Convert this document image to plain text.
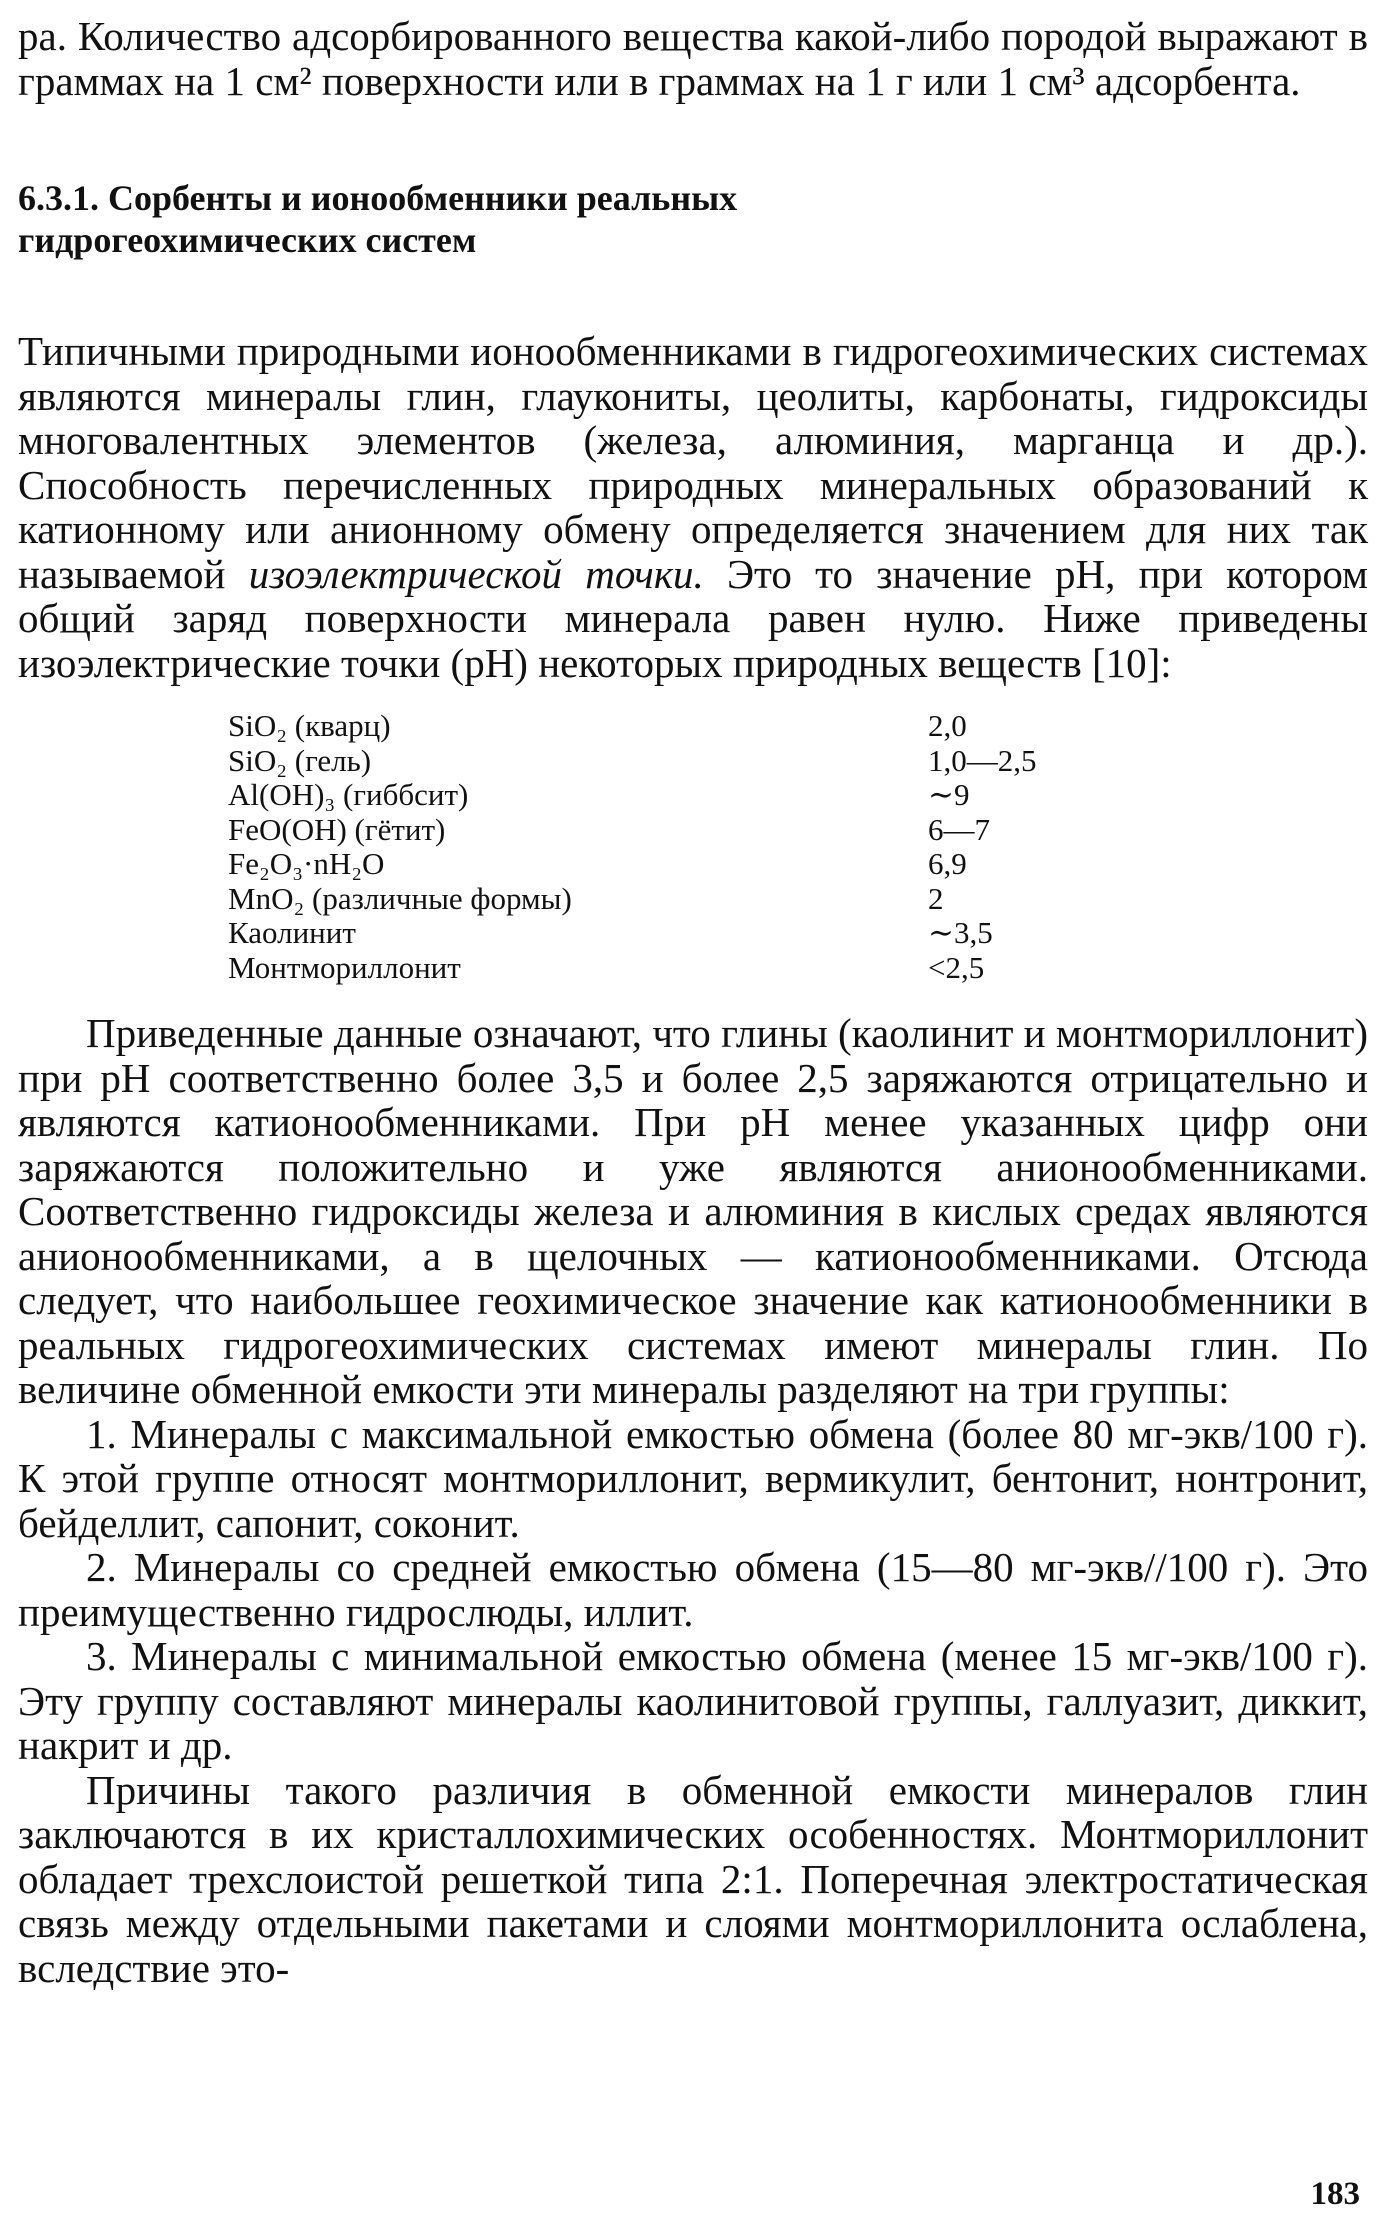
ра. Количество адсорбированного вещества какой-либо породой выражают в граммах на 1 см² поверхности или в граммах на 1 г или 1 см³ адсорбента.

6.3.1. Сорбенты и ионообменники реальных
гидрогеохимических систем

Типичными природными ионообменниками в гидрогеохимических системах являются минералы глин, глаукониты, цеолиты, карбонаты, гидроксиды многовалентных элементов (железа, алюминия, марганца и др.). Способность перечисленных природных минеральных образований к катионному или анионному обмену определяется значением для них так называемой изоэлектрической точки. Это то значение pH, при котором общий заряд поверхности минерала равен нулю. Ниже приведены изоэлектрические точки (pH) некоторых природных веществ [10]:

SiO₂ (кварц)	2,0
SiO₂ (гель)	1,0—2,5
Al(OH)₃ (гиббсит)	∼9
FeO(OH) (гётит)	6—7
Fe₂O₃·nH₂O	6,9
MnO₂ (различные формы)	2
Каолинит	∼3,5
Монтмориллонит	<2,5

Приведенные данные означают, что глины (каолинит и монтмориллонит) при pH соответственно более 3,5 и более 2,5 заряжаются отрицательно и являются катионообменниками. При pH менее указанных цифр они заряжаются положительно и уже являются анионообменниками. Соответственно гидроксиды железа и алюминия в кислых средах являются анионообменниками, а в щелочных — катионообменниками. Отсюда следует, что наибольшее геохимическое значение как катионообменники в реальных гидрогеохимических системах имеют минералы глин. По величине обменной емкости эти минералы разделяют на три группы:

1. Минералы с максимальной емкостью обмена (более 80 мг-экв/100 г). К этой группе относят монтмориллонит, вермикулит, бентонит, нонтронит, бейделлит, сапонит, соконит.

2. Минералы со средней емкостью обмена (15—80 мг-экв//100 г). Это преимущественно гидрослюды, иллит.

3. Минералы с минимальной емкостью обмена (менее 15 мг-экв/100 г). Эту группу составляют минералы каолинитовой группы, галлуазит, диккит, накрит и др.

Причины такого различия в обменной емкости минералов глин заключаются в их кристаллохимических особенностях. Монтмориллонит обладает трехслоистой решеткой типа 2:1. Поперечная электростатическая связь между отдельными пакетами и слоями монтмориллонита ослаблена, вследствие это-

183
